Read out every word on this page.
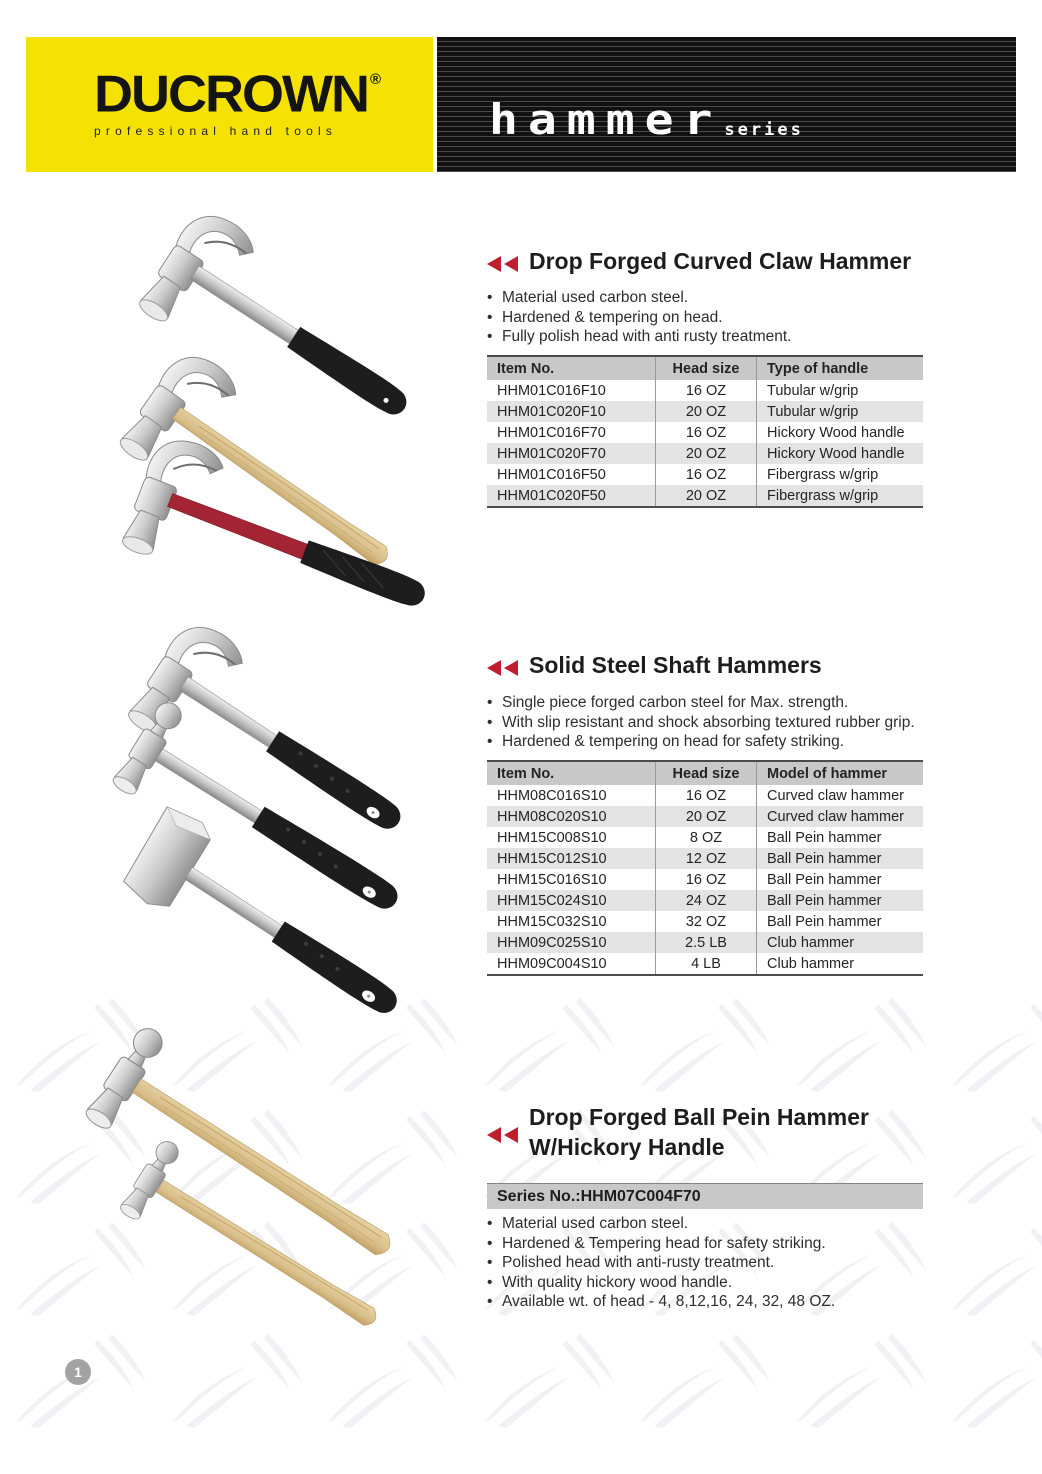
DUCROWN ®
professional hand tools	hammer series
Drop Forged Curved Claw Hammer
• Material used carbon steel.
• Hardened & tempering on head.
• Fully polish head with anti rusty treatment.
Item No.	Head size	Type of handle
HHM01C016F10	16 OZ	Tubular w/grip
HHM01C020F10	20 OZ	Tubular w/grip
HHM01C016F70	16 OZ	Hickory Wood handle
HHM01C020F70	20 OZ	Hickory Wood handle
HHM01C016F50	16 OZ	Fibergrass w/grip
HHM01C020F50	20 OZ	Fibergrass w/grip
Solid Steel Shaft Hammers
• Single piece forged carbon steel for Max. strength.
• With slip resistant and shock absorbing textured rubber grip.
• Hardened & tempering on head for safety striking.
Item No.	Head size	Model of hammer
HHM08C016S10	16 OZ	Curved claw hammer
HHM08C020S10	20 OZ	Curved claw hammer
HHM15C008S10	8 OZ	Ball Pein hammer
HHM15C012S10	12 OZ	Ball Pein hammer
HHM15C016S10	16 OZ	Ball Pein hammer
HHM15C024S10	24 OZ	Ball Pein hammer
HHM15C032S10	32 OZ	Ball Pein hammer
HHM09C025S10	2.5 LB	Club hammer
HHM09C004S10	4 LB	Club hammer
Drop Forged Ball Pein Hammer
W/Hickory Handle
Series No.:HHM07C004F70
• Material used carbon steel.
• Hardened & Tempering head for safety striking.
• Polished head with anti-rusty treatment.
• With quality hickory wood handle.
• Available wt. of head - 4, 8,12,16, 24, 32, 48 OZ.
1
